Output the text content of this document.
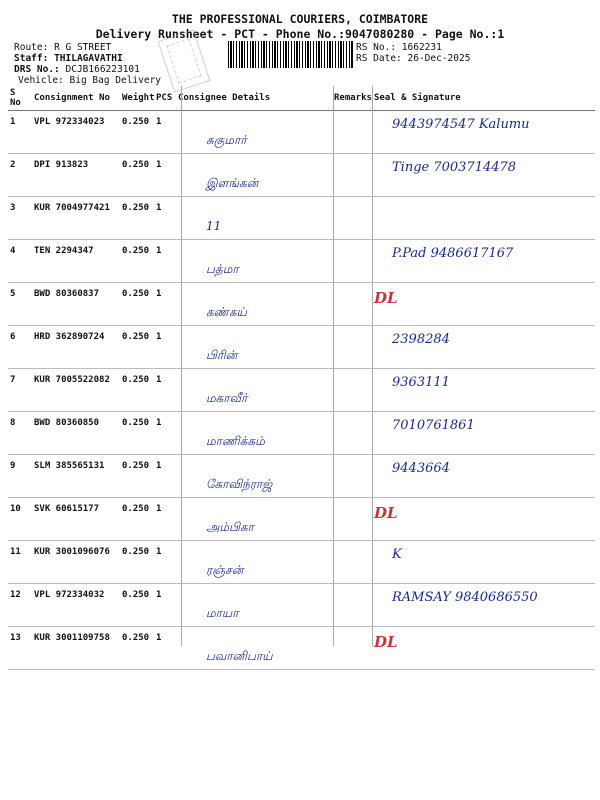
THE PROFESSIONAL COURIERS, COIMBATORE
Delivery Runsheet - PCT - Phone No.:9047080280 - Page No.:1
Route: R G STREET
Staff: THILAGAVATHI
DRS No.: DCJB166223101
Vehicle: Big Bag Delivery
RS No.: 1662231
RS Date: 26-Dec-2025
S No	Consignment No	Weight	PCS	Consignee Details	Remarks	Seal & Signature
1	VPL 972334023	0.250	1	சுகுமார்		9443974547 Kalumu
2	DPI 913823	0.250	1	இளங்கன்		Tinge 7003714478
3	KUR 7004977421	0.250	1	11		
4	TEN 2294347	0.250	1	பத்மா		P.Pad 9486617167
5	BWD 80360837	0.250	1	கண்கய்		DL
6	HRD 362890724	0.250	1	பிரின்		2398284
7	KUR 7005522082	0.250	1	மகாவீர்		9363111
8	BWD 80360850	0.250	1	மாணிக்கம்		7010761861
9	SLM 385565131	0.250	1	கோவிந்ராஜ்		9443664
10	SVK 60615177	0.250	1	அம்பிகா		DL
11	KUR 3001096076	0.250	1	ரஞ்சன்		K
12	VPL 972334032	0.250	1	மாயா		RAMSAY 9840686550
13	KUR 3001109758	0.250	1	பவானிபாய்		DL
